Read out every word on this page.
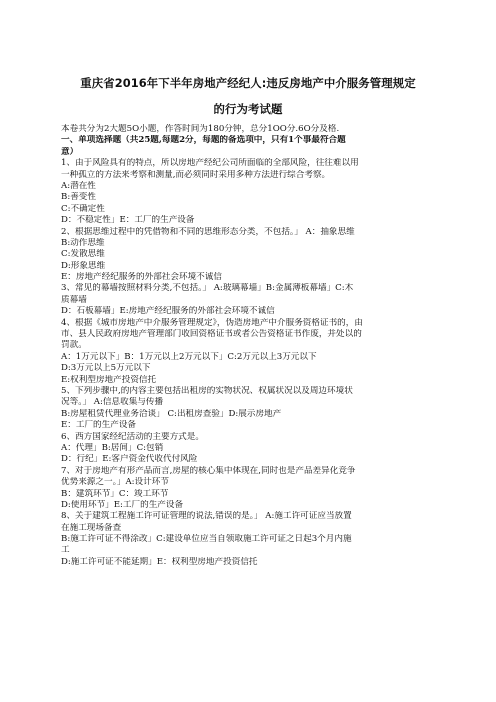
重庆省2016年下半年房地产经纪人:违反房地产中介服务管理规定
的行为考试题
本卷共分为2大题5O小题，作答时间为180分钟，总分1OO分.6O分及格.
一、单项选择题（共25题,每题2分，每题的备选项中，只有1个事最符合题
意）
1、由于风险具有的特点，所以房地产经纪公司所面临的全部风险，往往难以用
一种孤立的方法来考察和测量,而必须同时采用多种方法进行综合考察。
A:潜在性
B:善变性
C:不确定性
D：不稳定性」E：工厂的生产设备
2、根据思维过程中的凭借物和不同的思维形态分类，不包括。」 A：抽象思维
B:动作思维
C:发散思维
D:形象思维
E：房地产经纪服务的外部社会环境不诚信
3、常见的幕墙按照材料分类,不包括。」 A:玻璃幕墙」B:金属薄板幕墙」C:木
质幕墙
D：石板幕墙」E:房地产经纪服务的外部社会环境不诚信
4、根据《城市房地产中介服务管理规定》，伪造房地产中介服务资格证书的，由
市、县人民政府房地产管理部门收回资格证书或者公告资格证书作废，并处以的
罚款。
A：1万元以下」B：1万元以上2万元以下」C:2万元以上3万元以下
D:3万元以上5万元以下
E:权利型房地产投资信托
5、下列步骤中,的内容主要包括出租房的实物状况、权属状况以及周边环境状
况等。」 A:信息收集与传播
B:房屋租赁代理业务洽谈」 C:出租房查验」D:展示房地产
E：工厂的生产设备
6、西方国家经纪活动的主要方式是。
A：代理」B:居间」C:包销
D：行纪」E:客户资金代收代付风险
7、对于房地产有形产品而言,房屋的核心集中体现在,同时也是产品差异化竞争
优势来源之一。」A:设计环节
B：建筑环节」C：竣工环节
D:使用环节」E:工厂的生产设备
8、关于建筑工程施工许可证管理的说法,错误的是。」 A:施工许可证应当放置
在施工现场备查
B:施工许可证不得涂改」C:建设单位应当自领取施工许可证之日起3个月内施
工
D:施工许可证不能延期」E：权利型房地产投资信托
